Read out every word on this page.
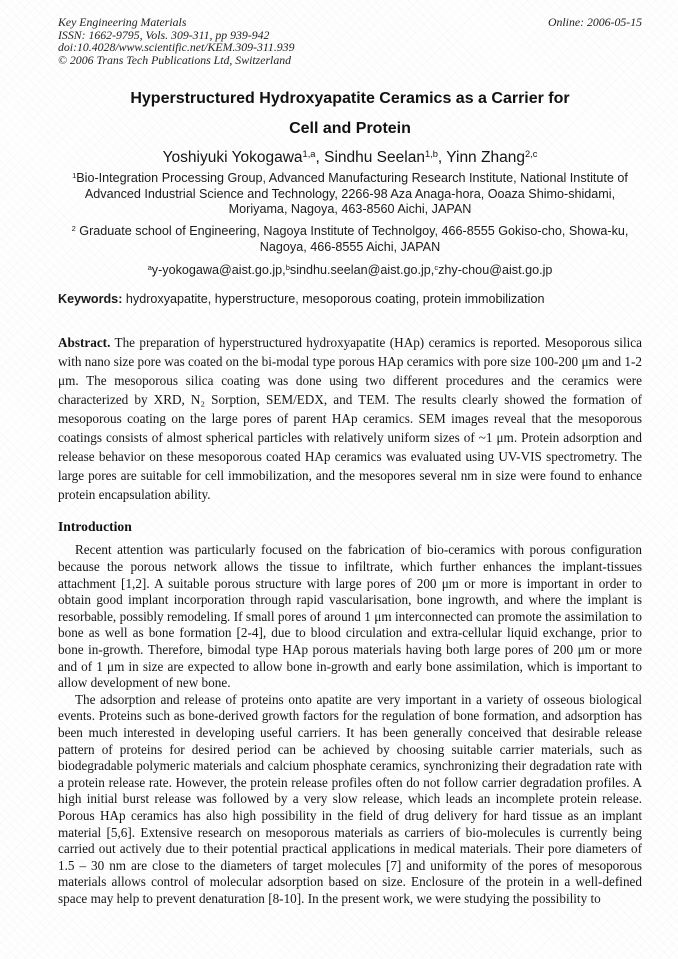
Key Engineering Materials
ISSN: 1662-9795, Vols. 309-311, pp 939-942
doi:10.4028/www.scientific.net/KEM.309-311.939
© 2006 Trans Tech Publications Ltd, Switzerland
Online: 2006-05-15
Hyperstructured Hydroxyapatite Ceramics as a Carrier for
Cell and Protein
Yoshiyuki Yokogawa$^{1,a}$, Sindhu Seelan$^{1,b}$, Yinn Zhang$^{2,c}$
$^1$Bio-Integration Processing Group, Advanced Manufacturing Research Institute, National Institute of Advanced Industrial Science and Technology, 2266-98 Aza Anaga-hora, Ooaza Shimo-shidami, Moriyama, Nagoya, 463-8560 Aichi, JAPAN
$^2$ Graduate school of Engineering, Nagoya Institute of Technolgoy, 466-8555 Gokiso-cho, Showa-ku, Nagoya, 466-8555 Aichi, JAPAN
$^a$y-yokogawa@aist.go.jp,$^b$sindhu.seelan@aist.go.jp,$^c$zhy-chou@aist.go.jp
Keywords: hydroxyapatite, hyperstructure, mesoporous coating, protein immobilization

Abstract. The preparation of hyperstructured hydroxyapatite (HAp) ceramics is reported. Mesoporous silica with nano size pore was coated on the bi-modal type porous HAp ceramics with pore size 100-200 μm and 1-2 μm. The mesoporous silica coating was done using two different procedures and the ceramics were characterized by XRD, N₂ Sorption, SEM/EDX, and TEM. The results clearly showed the formation of mesoporous coating on the large pores of parent HAp ceramics. SEM images reveal that the mesoporous coatings consists of almost spherical particles with relatively uniform sizes of ~1 μm. Protein adsorption and release behavior on these mesoporous coated HAp ceramics was evaluated using UV-VIS spectrometry. The large pores are suitable for cell immobilization, and the mesopores several nm in size were found to enhance protein encapsulation ability.

Introduction

Recent attention was particularly focused on the fabrication of bio-ceramics with porous configuration because the porous network allows the tissue to infiltrate, which further enhances the implant-tissues attachment [1,2]. A suitable porous structure with large pores of 200 μm or more is important in order to obtain good implant incorporation through rapid vascularisation, bone ingrowth, and where the implant is resorbable, possibly remodeling. If small pores of around 1 μm interconnected can promote the assimilation to bone as well as bone formation [2-4], due to blood circulation and extra-cellular liquid exchange, prior to bone in-growth. Therefore, bimodal type HAp porous materials having both large pores of 200 μm or more and of 1 μm in size are expected to allow bone in-growth and early bone assimilation, which is important to allow development of new bone.

The adsorption and release of proteins onto apatite are very important in a variety of osseous biological events. Proteins such as bone-derived growth factors for the regulation of bone formation, and adsorption has been much interested in developing useful carriers. It has been generally conceived that desirable release pattern of proteins for desired period can be achieved by choosing suitable carrier materials, such as biodegradable polymeric materials and calcium phosphate ceramics, synchronizing their degradation rate with a protein release rate. However, the protein release profiles often do not follow carrier degradation profiles. A high initial burst release was followed by a very slow release, which leads an incomplete protein release. Porous HAp ceramics has also high possibility in the field of drug delivery for hard tissue as an implant material [5,6]. Extensive research on mesoporous materials as carriers of bio-molecules is currently being carried out actively due to their potential practical applications in medical materials. Their pore diameters of 1.5 – 30 nm are close to the diameters of target molecules [7] and uniformity of the pores of mesoporous materials allows control of molecular adsorption based on size. Enclosure of the protein in a well-defined space may help to prevent denaturation [8-10]. In the present work, we were studying the possibility to
